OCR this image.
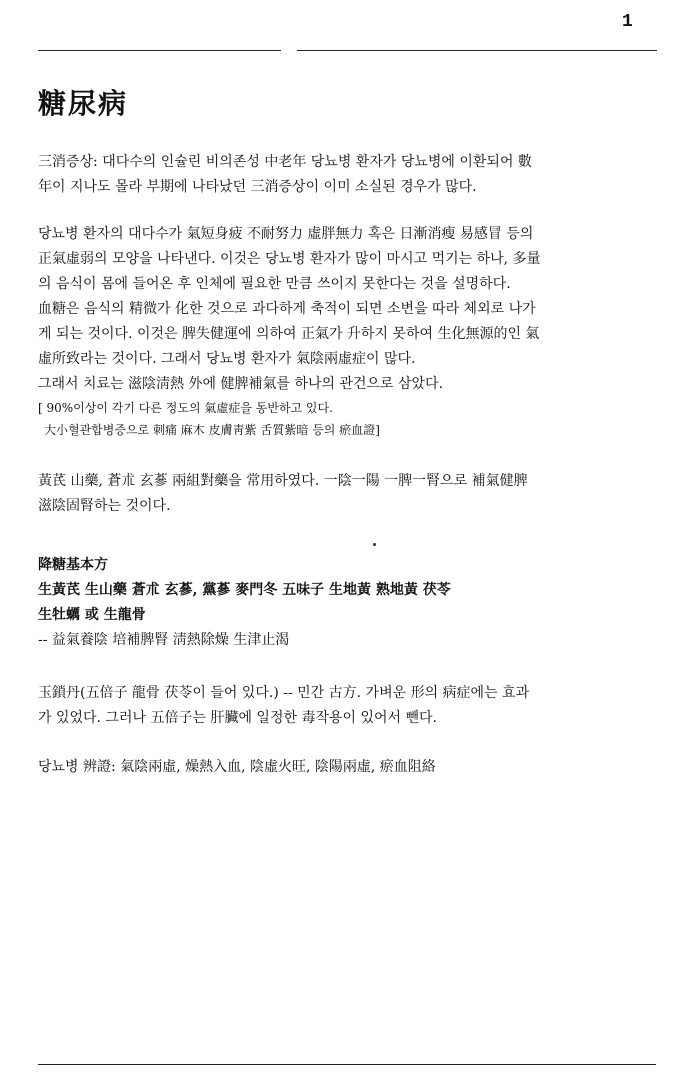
1
糖尿病
三消증상: 대다수의 인슐린 비의존성 中老年 당뇨병 환자가 당뇨병에 이환되어 數
年이 지나도 몰라 부期에 나타났던 三消증상이 이미 소실된 경우가 많다.
당뇨병 환자의 대다수가 氣短身疲 不耐努力 虛胖無力 혹은 日漸消瘦 易感冒 등의
正氣虛弱의 모양을 나타낸다. 이것은 당뇨병 환자가 많이 마시고 먹기는 하나, 多量
의 음식이 몸에 들어온 후 인체에 필요한 만큼 쓰이지 못한다는 것을 설명하다.
血糖은 음식의 精微가 化한 것으로 과다하게 축적이 되면 소변을 따라 체외로 나가
게 되는 것이다. 이것은 脾失健運에 의하여 正氣가 升하지 못하여 生化無源的인 氣
虛所致라는 것이다. 그래서 당뇨병 환자가 氣陰兩虛症이 많다.
그래서 치료는 滋陰淸熱 外에 健脾補氣를 하나의 관건으로 삼았다.
[ 90%이상이 각기 다른 정도의 氣虛症을 동반하고 있다.
大小혈관합병증으로 刺痛 麻木 皮膚靑紫 舌質紫暗 등의 瘀血證]
黃芪 山藥, 蒼朮 玄蔘 兩組對藥을 常用하였다. 一陰一陽 一脾一腎으로 補氣健脾
滋陰固腎하는 것이다.
降糖基本方
生黃芪 生山藥 蒼朮 玄蔘, 黨蔘 麥門冬 五味子 生地黃 熟地黃 茯苓
生牡蠣 或 生龍骨
-- 益氣養陰 培補脾腎 淸熱除燥 生津止渴
玉鎖丹(五倍子 龍骨 茯苓이 들어 있다.) -- 민간 古方. 가벼운 形의 病症에는 효과
가 있었다. 그러나 五倍子는 肝臟에 일정한 毒작용이 있어서 뺀다.
당뇨병 辨證: 氣陰兩虛, 燥熱入血, 陰虛火旺, 陰陽兩虛, 瘀血阻絡
